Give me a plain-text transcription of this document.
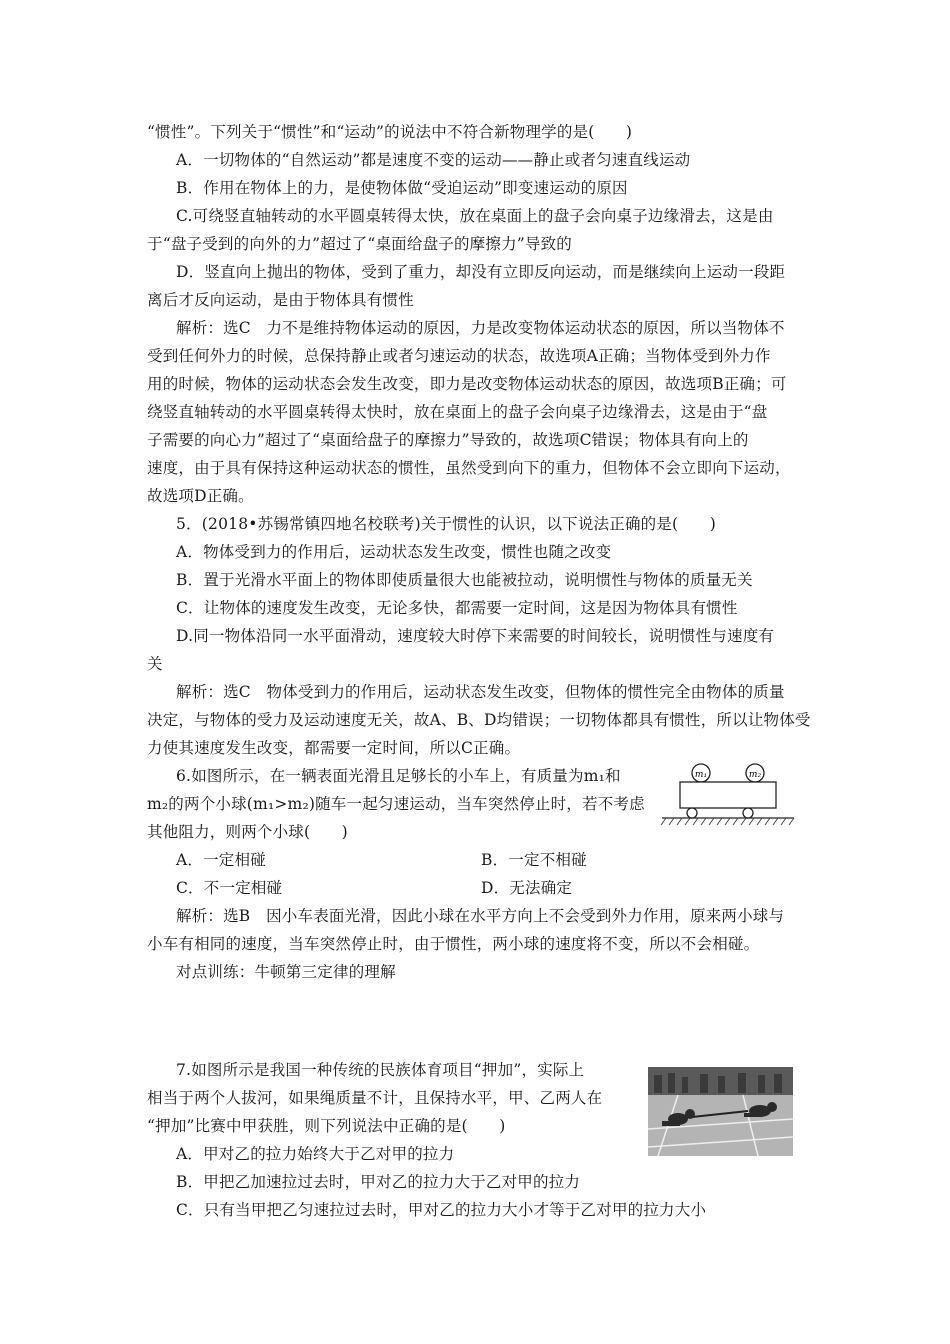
“惯性”。下列关于“惯性”和“运动”的说法中不符合新物理学的是(　　)
A．一切物体的“自然运动”都是速度不变的运动——静止或者匀速直线运动
B．作用在物体上的力，是使物体做“受迫运动”即变速运动的原因
C.可绕竖直轴转动的水平圆桌转得太快，放在桌面上的盘子会向桌子边缘滑去，这是由
于“盘子受到的向外的力”超过了“桌面给盘子的摩擦力”导致的
D．竖直向上抛出的物体，受到了重力，却没有立即反向运动，而是继续向上运动一段距
离后才反向运动，是由于物体具有惯性
解析：选C　力不是维持物体运动的原因，力是改变物体运动状态的原因，所以当物体不
受到任何外力的时候，总保持静止或者匀速运动的状态，故选项A正确；当物体受到外力作
用的时候，物体的运动状态会发生改变，即力是改变物体运动状态的原因，故选项B正确；可
绕竖直轴转动的水平圆桌转得太快时，放在桌面上的盘子会向桌子边缘滑去，这是由于“盘
子需要的向心力”超过了“桌面给盘子的摩擦力”导致的，故选项C错误；物体具有向上的
速度，由于具有保持这种运动状态的惯性，虽然受到向下的重力，但物体不会立即向下运动，
故选项D正确。
5．(2018•苏锡常镇四地名校联考)关于惯性的认识，以下说法正确的是(　　)
A．物体受到力的作用后，运动状态发生改变，惯性也随之改变
B．置于光滑水平面上的物体即使质量很大也能被拉动，说明惯性与物体的质量无关
C．让物体的速度发生改变，无论多快，都需要一定时间，这是因为物体具有惯性
D.同一物体沿同一水平面滑动，速度较大时停下来需要的时间较长，说明惯性与速度有
关
解析：选C　物体受到力的作用后，运动状态发生改变，但物体的惯性完全由物体的质量
决定，与物体的受力及运动速度无关，故A、B、D均错误；一切物体都具有惯性，所以让物体受
力使其速度发生改变，都需要一定时间，所以C正确。
6.如图所示，在一辆表面光滑且足够长的小车上，有质量为m₁和
m₂的两个小球(m₁>m₂)随车一起匀速运动，当车突然停止时，若不考虑
其他阻力，则两个小球(　　)
m₁	m₂
A．一定相碰	B．一定不相碰
C．不一定相碰	D．无法确定
解析：选B　因小车表面光滑，因此小球在水平方向上不会受到外力作用，原来两小球与
小车有相同的速度，当车突然停止时，由于惯性，两小球的速度将不变，所以不会相碰。
对点训练：牛顿第三定律的理解
7.如图所示是我国一种传统的民族体育项目“押加”，实际上
相当于两个人拔河，如果绳质量不计，且保持水平，甲、乙两人在
“押加”比赛中甲获胜，则下列说法中正确的是(　　)
A．甲对乙的拉力始终大于乙对甲的拉力
B．甲把乙加速拉过去时，甲对乙的拉力大于乙对甲的拉力
C．只有当甲把乙匀速拉过去时，甲对乙的拉力大小才等于乙对甲的拉力大小
